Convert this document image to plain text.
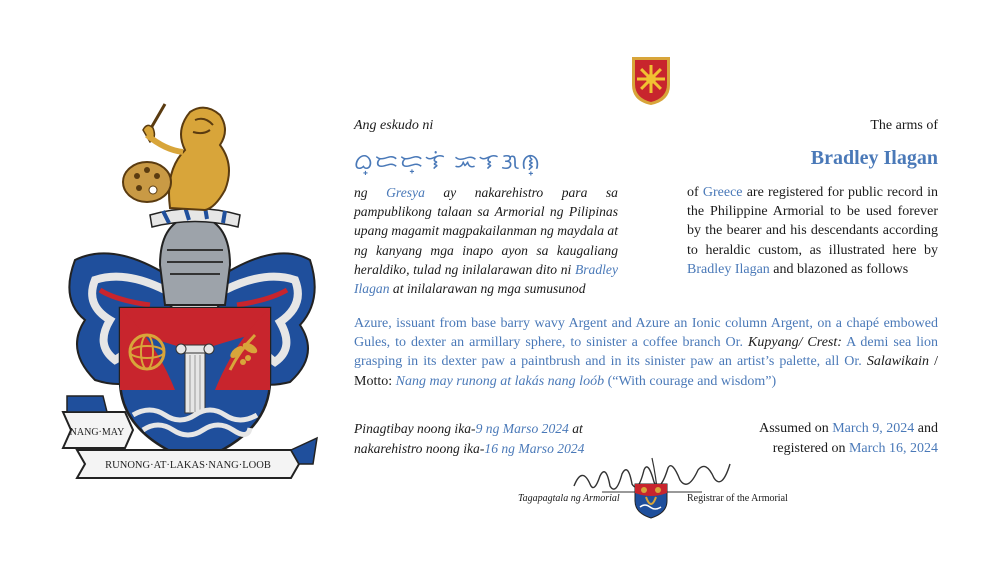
NANG·MAY
RUNONG·AT·LAKAS·NANG·LOOB
Ang eskudo ni	The arms of
ᜊ᜔ᜇᜇ᜔ᜎᜒ ᜁᜎᜄᜈ᜔	Bradley Ilagan
ng Gresya ay nakarehistro para sa pampublikong talaan sa Armorial ng Pilipinas upang magamit magpakailanman ng maydala at ng kanyang mga inapo ayon sa kaugaliang heraldiko, tulad ng inilalarawan dito ni Bradley Ilagan at inilalarawan ng mga sumusunod
of Greece are registered for public record in the Philippine Armorial to be used forever by the bearer and his descendants according to heraldic custom, as illustrated here by Bradley Ilagan and blazoned as follows
Azure, issuant from base barry wavy Argent and Azure an Ionic column Argent, on a chapé embowed Gules, to dexter an armillary sphere, to sinister a coffee branch Or. Kupyang/ Crest: A demi sea lion grasping in its dexter paw a paintbrush and in its sinister paw an artist’s palette, all Or. Salawikain / Motto: Nang may runong at lakás nang loób (“With courage and wisdom”)
Pinagtibay noong ika-9 ng Marso 2024 at
nakarehistro noong ika-16 ng Marso 2024
Assumed on March 9, 2024 and
registered on March 16, 2024
Tagapagtala ng Armorial	Registrar of the Armorial
